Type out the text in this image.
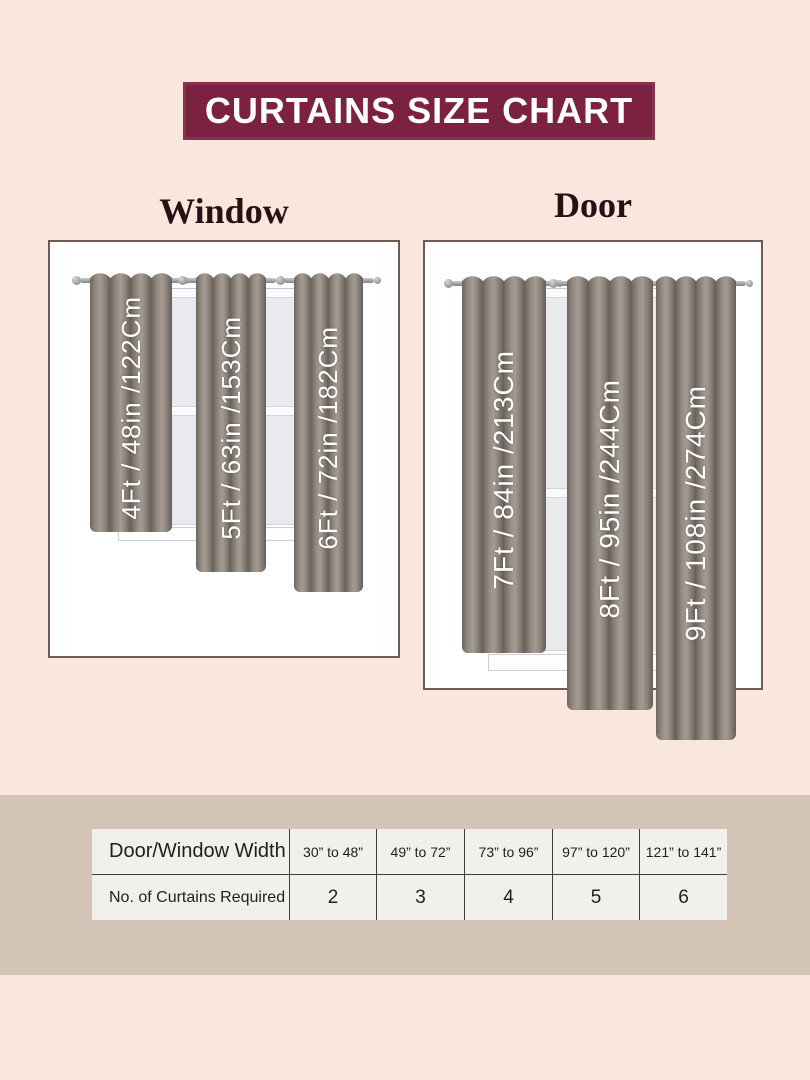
CURTAINS SIZE CHART
Window	Door
4Ft / 48in /122Cm	5Ft / 63in /153Cm	6Ft / 72in /182Cm	7Ft / 84in /213Cm	8Ft / 95in /244Cm 9Ft / 108in /274Cm
Door/Window Width	30” to 48”	49” to 72”	73” to 96”	97” to 120”	121” to 141”
No. of Curtains Required	2	3	4	5	6
